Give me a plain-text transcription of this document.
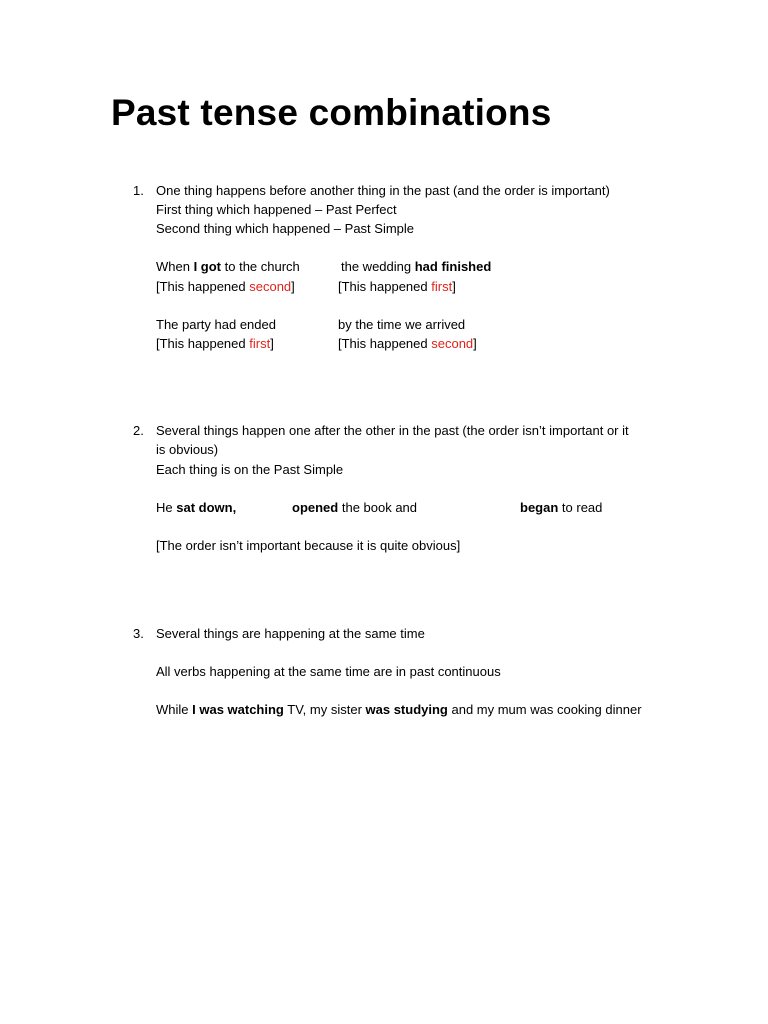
Past tense combinations
1. One thing happens before another thing in the past (and the order is important)
First thing which happened – Past Perfect
Second thing which happened – Past Simple
When I got to the church	the wedding had finished
[This happened second]	[This happened first]
The party had ended	by the time we arrived
[This happened first]	[This happened second]
2. Several things happen one after the other in the past (the order isn’t important or it
is obvious)
Each thing is on the Past Simple
He sat down,	opened the book and	began to read
[The order isn’t important because it is quite obvious]
3. Several things are happening at the same time
All verbs happening at the same time are in past continuous
While I was watching TV, my sister was studying and my mum was cooking dinner
